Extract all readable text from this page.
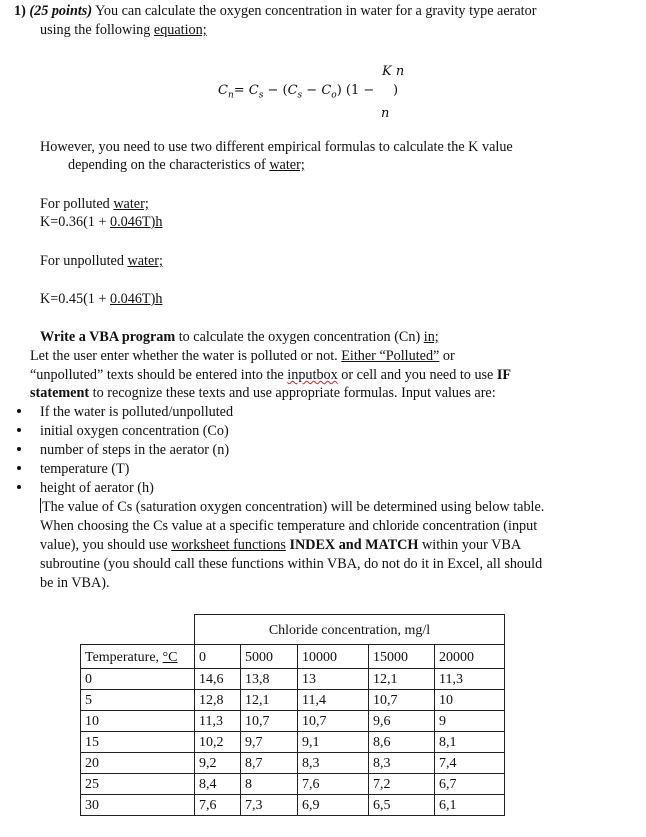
1) (25 points) You can calculate the oxygen concentration in water for a gravity type aerator
using the following equation;
K n
$C_n= C_s - (C_s - C_o) (1$ − )
n
However, you need to use two different empirical formulas to calculate the K value
depending on the characteristics of water;
For polluted water;
K=0.36(1 + 0.046T)h
For unpolluted water;
K=0.45(1 + 0.046T)h
Write a VBA program to calculate the oxygen concentration (Cn) in;
Let the user enter whether the water is polluted or not. Either “Polluted” or
“unpolluted” texts should be entered into the inputbox or cell and you need to use IF
statement to recognize these texts and use appropriate formulas. Input values are:
If the water is polluted/unpolluted
initial oxygen concentration (Co)
number of steps in the aerator (n)
temperature (T)
height of aerator (h)
The value of Cs (saturation oxygen concentration) will be determined using below table.
When choosing the Cs value at a specific temperature and chloride concentration (input
value), you should use worksheet functions INDEX and MATCH within your VBA
subroutine (you should call these functions within VBA, do not do it in Excel, all should
be in VBA).
	Chloride concentration, mg/l				
Temperature, °C	0	5000	10000	15000	20000
0	14,6	13,8	13	12,1	11,3
5	12,8	12,1	11,4	10,7	10
10	11,3	10,7	10,7	9,6	9
15	10,2	9,7	9,1	8,6	8,1
20	9,2	8,7	8,3	8,3	7,4
25	8,4	8	7,6	7,2	6,7
30	7,6	7,3	6,9	6,5	6,1
